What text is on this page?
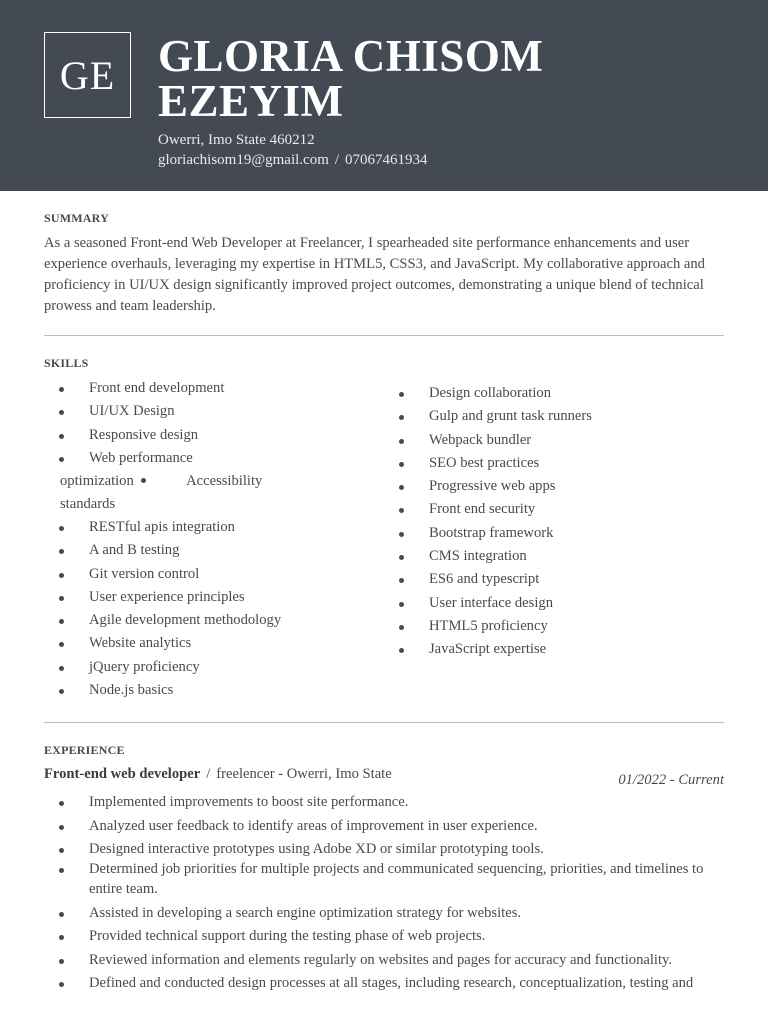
GE GLORIA CHISOM
EZEYIM
Owerri, Imo State 460212
gloriachisom19@gmail.com / 07067461934
SUMMARY
As a seasoned Front-end Web Developer at Freelancer, I spearheaded site performance enhancements and user experience overhauls, leveraging my expertise in HTML5, CSS3, and JavaScript. My collaborative approach and proficiency in UI/UX design significantly improved project outcomes, demonstrating a unique blend of technical prowess and team leadership.
SKILLS
Front end development
UI/UX Design
Responsive design
Web performance
optimization	Accessibility
standards
RESTful apis integration
A and B testing
Git version control
User experience principles
Agile development methodology
Website analytics
jQuery proficiency
Node.js basics
Design collaboration
Gulp and grunt task runners
Webpack bundler
SEO best practices
Progressive web apps
Front end security
Bootstrap framework
CMS integration
ES6 and typescript
User interface design
HTML5 proficiency
JavaScript expertise
EXPERIENCE
Front-end web developer / freelencer - Owerri, Imo State	01/2022 - Current
Implemented improvements to boost site performance.
Analyzed user feedback to identify areas of improvement in user experience.
Designed interactive prototypes using Adobe XD or similar prototyping tools.
Determined job priorities for multiple projects and communicated sequencing, priorities, and timelines to entire team.
Assisted in developing a search engine optimization strategy for websites.
Provided technical support during the testing phase of web projects.
Reviewed information and elements regularly on websites and pages for accuracy and functionality.
Defined and conducted design processes at all stages, including research, conceptualization, testing and
